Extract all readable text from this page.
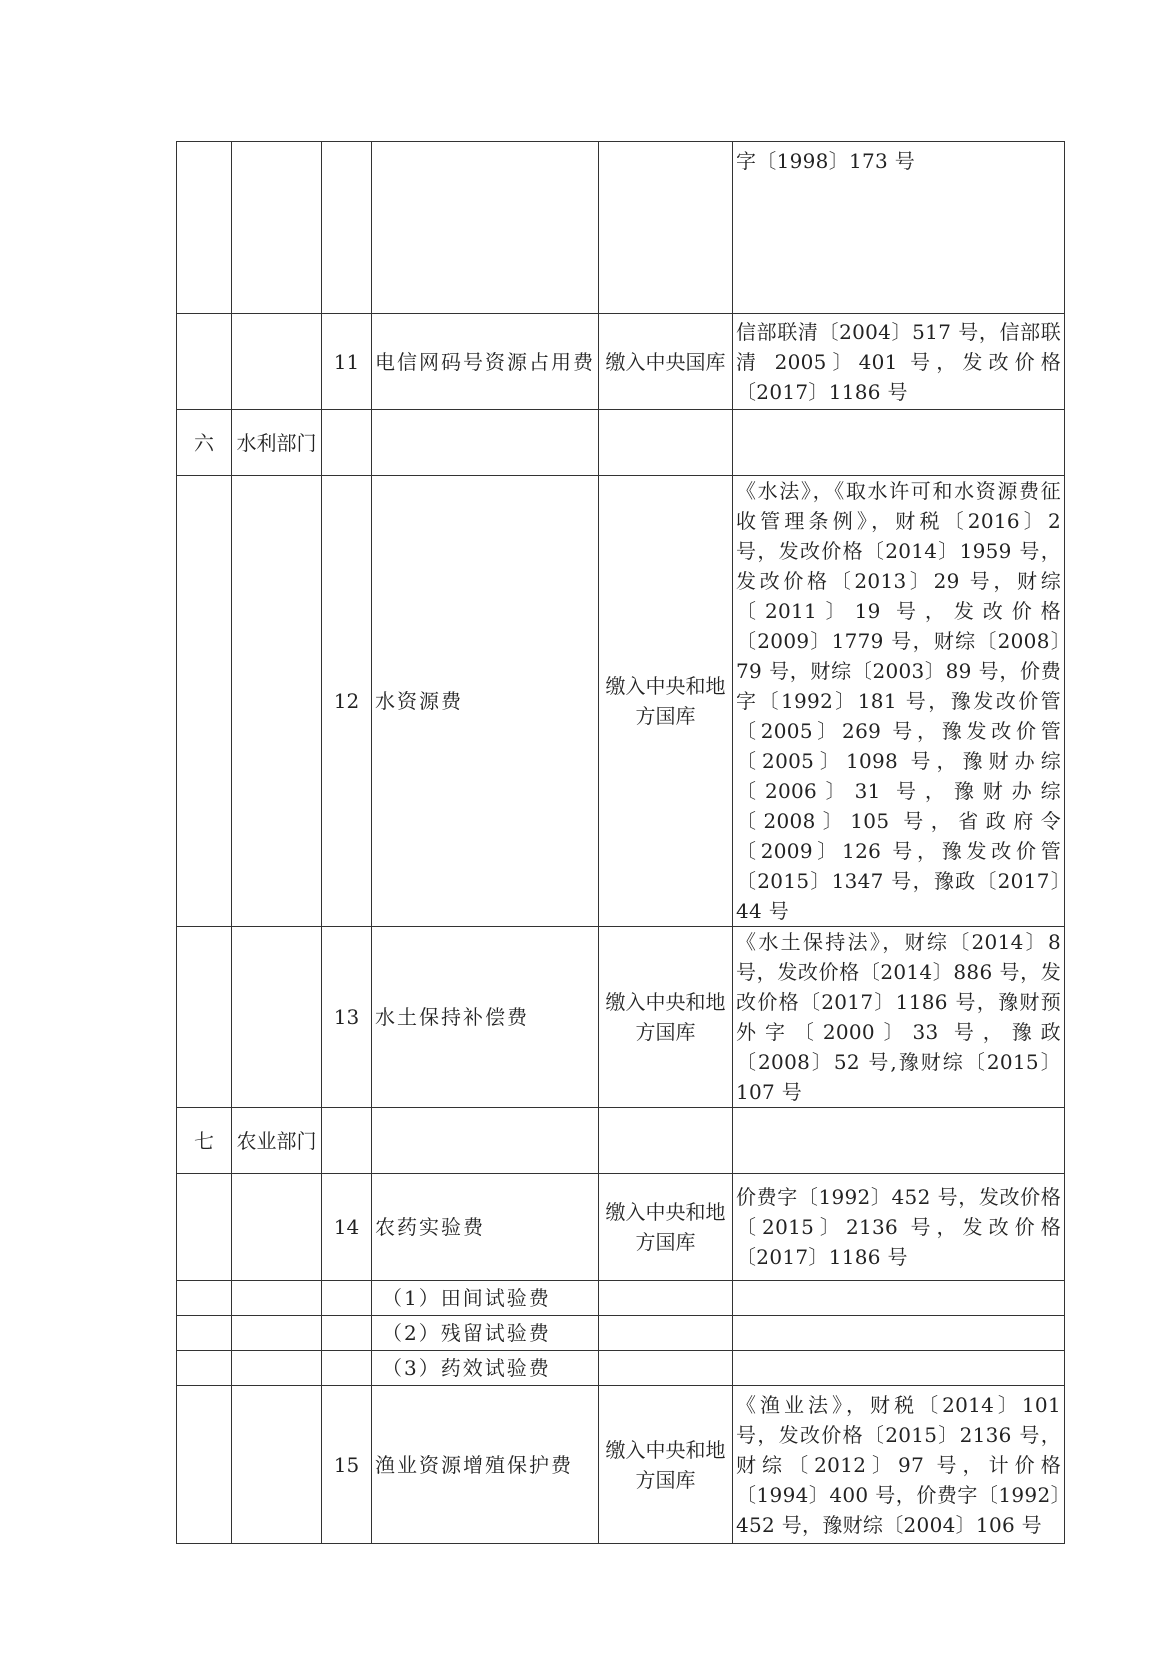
					字〔1998〕173 号
		11	电信网码号资源占用费	缴入中央国库	信部联清〔2004〕517 号，信部联清 2005〕401 号，发改价格〔2017〕1186 号
六	水利部门				
		12	水资源费	缴入中央和地方国库	《水法》，《取水许可和水资源费征收管理条例》，财税〔2016〕2 号，发改价格〔2014〕1959 号，发改价格〔2013〕29 号，财综〔2011〕19 号，发改价格〔2009〕1779 号，财综〔2008〕79 号，财综〔2003〕89 号，价费字〔1992〕181 号，豫发改价管〔2005〕269 号，豫发改价管〔2005〕1098 号，豫财办综〔2006〕31 号，豫财办综〔2008〕105 号，省政府令〔2009〕126 号，豫发改价管〔2015〕1347 号，豫政〔2017〕44 号
		13	水土保持补偿费	缴入中央和地方国库	《水土保持法》，财综〔2014〕8 号，发改价格〔2014〕886 号，发改价格〔2017〕1186 号，豫财预外字〔2000〕33 号，豫政〔2008〕52 号,豫财综〔2015〕107 号
七	农业部门				
		14	农药实验费	缴入中央和地方国库	价费字〔1992〕452 号，发改价格〔2015〕2136 号，发改价格〔2017〕1186 号
			（1）田间试验费		
			（2）残留试验费		
			（3）药效试验费		
		15	渔业资源增殖保护费	缴入中央和地方国库	《渔业法》，财税〔2014〕101 号，发改价格〔2015〕2136 号，财综〔2012〕97 号，计价格〔1994〕400 号，价费字〔1992〕452 号，豫财综〔2004〕106 号
